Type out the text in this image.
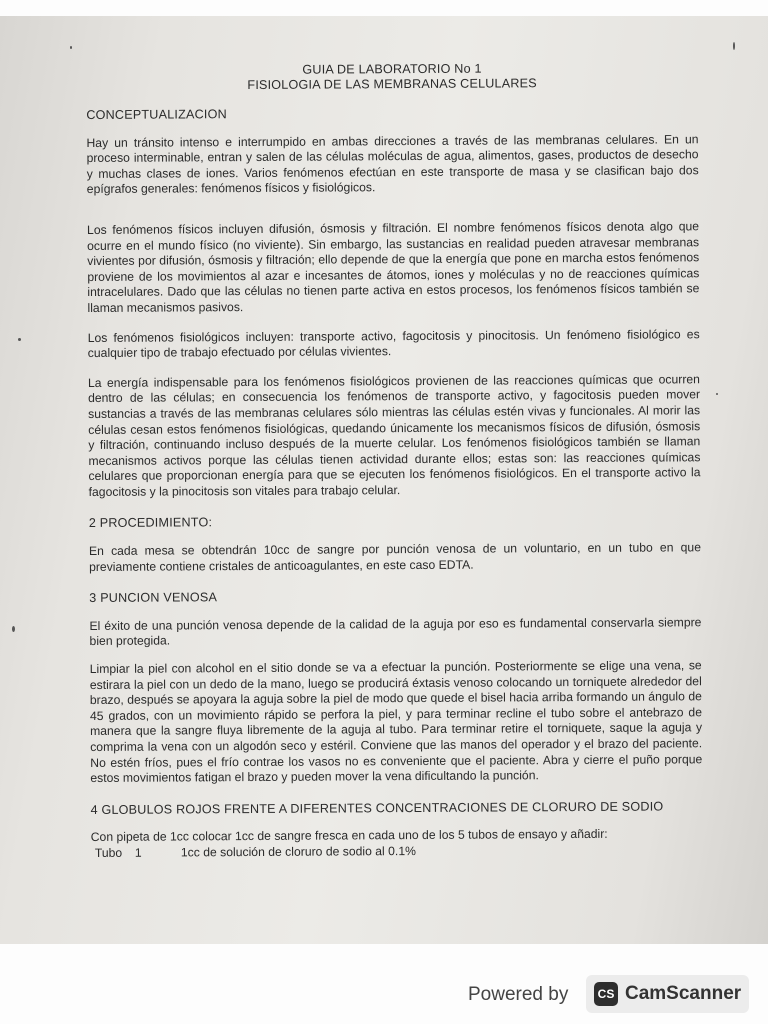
GUIA DE LABORATORIO No 1
FISIOLOGIA DE LAS MEMBRANAS CELULARES
CONCEPTUALIZACION

Hay un tránsito intenso e interrumpido en ambas direcciones a través de las membranas celulares. En un proceso interminable, entran y salen de las células moléculas de agua, alimentos, gases, productos de desecho y muchas clases de iones. Varios fenómenos efectúan en este transporte de masa y se clasifican bajo dos epígrafos generales: fenómenos físicos y fisiológicos.

Los fenómenos físicos incluyen difusión, ósmosis y filtración. El nombre fenómenos físicos denota algo que ocurre en el mundo físico (no viviente). Sin embargo, las sustancias en realidad pueden atravesar membranas vivientes por difusión, ósmosis y filtración; ello depende de que la energía que pone en marcha estos fenómenos proviene de los movimientos al azar e incesantes de átomos, iones y moléculas y no de reacciones químicas intracelulares. Dado que las células no tienen parte activa en estos procesos, los fenómenos físicos también se llaman mecanismos pasivos.

Los fenómenos fisiológicos incluyen: transporte activo, fagocitosis y pinocitosis. Un fenómeno fisiológico es cualquier tipo de trabajo efectuado por células vivientes.

La energía indispensable para los fenómenos fisiológicos provienen de las reacciones químicas que ocurren dentro de las células; en consecuencia los fenómenos de transporte activo, y fagocitosis pueden mover sustancias a través de las membranas celulares sólo mientras las células estén vivas y funcionales. Al morir las células cesan estos fenómenos fisiológicas, quedando únicamente los mecanismos físicos de difusión, ósmosis y filtración, continuando incluso después de la muerte celular. Los fenómenos fisiológicos también se llaman mecanismos activos porque las células tienen actividad durante ellos; estas son: las reacciones químicas celulares que proporcionan energía para que se ejecuten los fenómenos fisiológicos. En el transporte activo la fagocitosis y la pinocitosis son vitales para trabajo celular.

2 PROCEDIMIENTO:

En cada mesa se obtendrán 10cc de sangre por punción venosa de un voluntario, en un tubo en que previamente contiene cristales de anticoagulantes, en este caso EDTA.

3 PUNCION VENOSA

El éxito de una punción venosa depende de la calidad de la aguja por eso es fundamental conservarla siempre bien protegida.

Limpiar la piel con alcohol en el sitio donde se va a efectuar la punción. Posteriormente se elige una vena, se estirara la piel con un dedo de la mano, luego se producirá éxtasis venoso colocando un torniquete alrededor del brazo, después se apoyara la aguja sobre la piel de modo que quede el bisel hacia arriba formando un ángulo de 45 grados, con un movimiento rápido se perfora la piel, y para terminar recline el tubo sobre el antebrazo de manera que la sangre fluya libremente de la aguja al tubo. Para terminar retire el torniquete, saque la aguja y comprima la vena con un algodón seco y estéril. Conviene que las manos del operador y el brazo del paciente. No estén fríos, pues el frío contrae los vasos no es conveniente que el paciente. Abra y cierre el puño porque estos movimientos fatigan el brazo y pueden mover la vena dificultando la punción.

4 GLOBULOS ROJOS FRENTE A DIFERENTES CONCENTRACIONES DE CLORURO DE SODIO

Con pipeta de 1cc colocar 1cc de sangre fresca en cada uno de los 5 tubos de ensayo y añadir:

Tubo 1	1cc de solución de cloruro de sodio al 0.1%
Powered by	CS CamScanner
